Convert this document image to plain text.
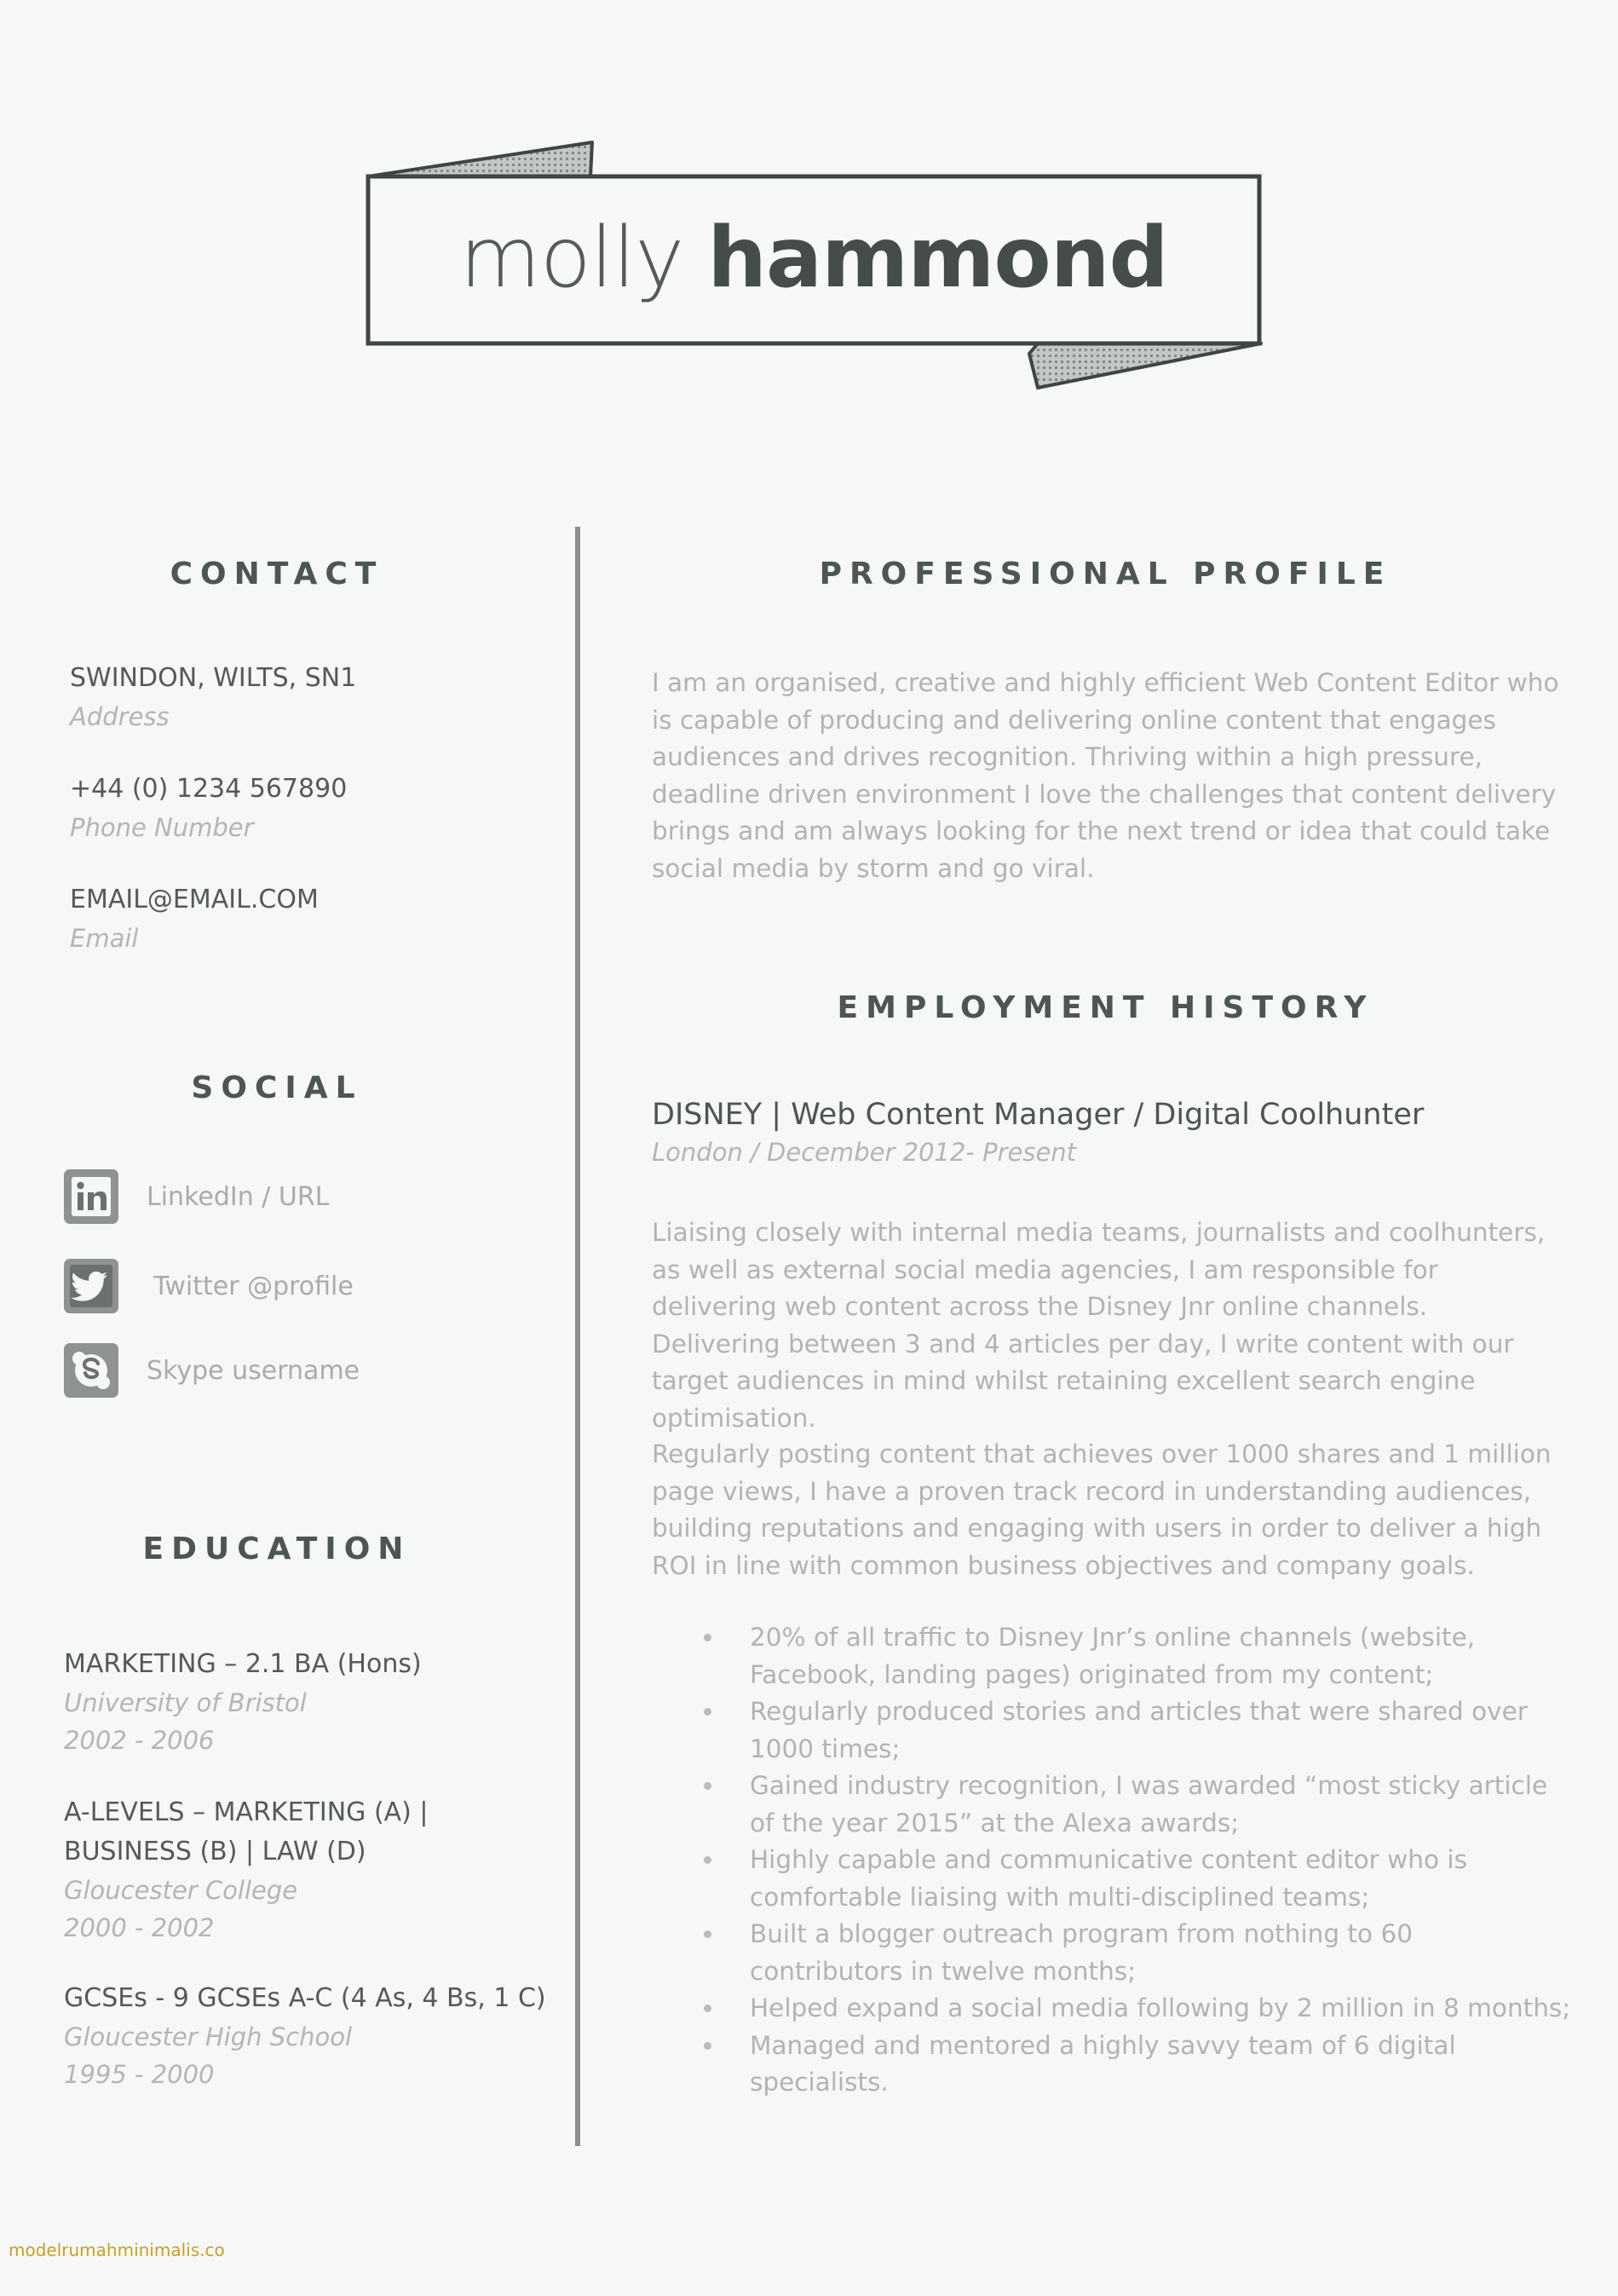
molly hammond
CONTACT
SWINDON, WILTS, SN1
Address
+44 (0) 1234 567890
Phone Number
EMAIL@EMAIL.COM
Email
SOCIAL
LinkedIn / URL
Twitter @profile
Skype username
EDUCATION
MARKETING – 2.1 BA (Hons)
University of Bristol
2002 - 2006
A-LEVELS – MARKETING (A) |
BUSINESS (B) | LAW (D)
Gloucester College
2000 - 2002
GCSEs - 9 GCSEs A-C (4 As, 4 Bs, 1 C)
Gloucester High School
1995 - 2000
PROFESSIONAL PROFILE

I am an organised, creative and highly efficient Web Content Editor who is capable of producing and delivering online content that engages audiences and drives recognition. Thriving within a high pressure, deadline driven environment I love the challenges that content delivery brings and am always looking for the next trend or idea that could take social media by storm and go viral.

EMPLOYMENT HISTORY
DISNEY | Web Content Manager / Digital Coolhunter
London / December 2012- Present

Liaising closely with internal media teams, journalists and coolhunters, as well as external social media agencies, I am responsible for delivering web content across the Disney Jnr online channels. Delivering between 3 and 4 articles per day, I write content with our target audiences in mind whilst retaining excellent search engine optimisation.

Regularly posting content that achieves over 1000 shares and 1 million page views, I have a proven track record in understanding audiences, building reputations and engaging with users in order to deliver a high ROI in line with common business objectives and company goals.

20% of all traffic to Disney Jnr’s online channels (website, Facebook, landing pages) originated from my content;
Regularly produced stories and articles that were shared over 1000 times;
Gained industry recognition, I was awarded “most sticky article of the year 2015” at the Alexa awards;
Highly capable and communicative content editor who is comfortable liaising with multi-disciplined teams;
Built a blogger outreach program from nothing to 60 contributors in twelve months;
Helped expand a social media following by 2 million in 8 months;
Managed and mentored a highly savvy team of 6 digital specialists.
modelrumahminimalis.co
